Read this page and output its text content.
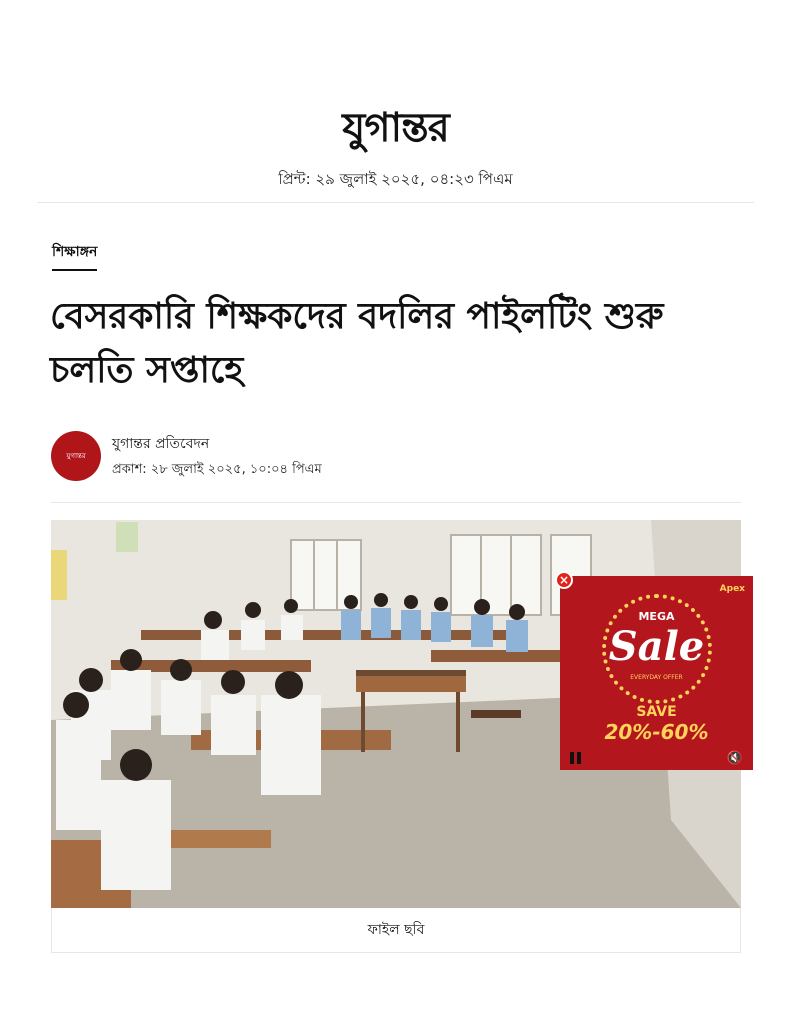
যুগান্তর
প্রিন্ট: ২৯ জুলাই ২০২৫, ০৪:২৩ পিএম
শিক্ষাঙ্গন
বেসরকারি শিক্ষকদের বদলির পাইলটিং শুরু চলতি সপ্তাহে
যুগান্তর
যুগান্তর প্রতিবেদন
প্রকাশ: ২৮ জুলাই ২০২৫, ১০:০৪ পিএম
ফাইল ছবি
Apex
MEGA
Sale
EVERYDAY OFFER
SAVE
20%-60%
🔇
×
